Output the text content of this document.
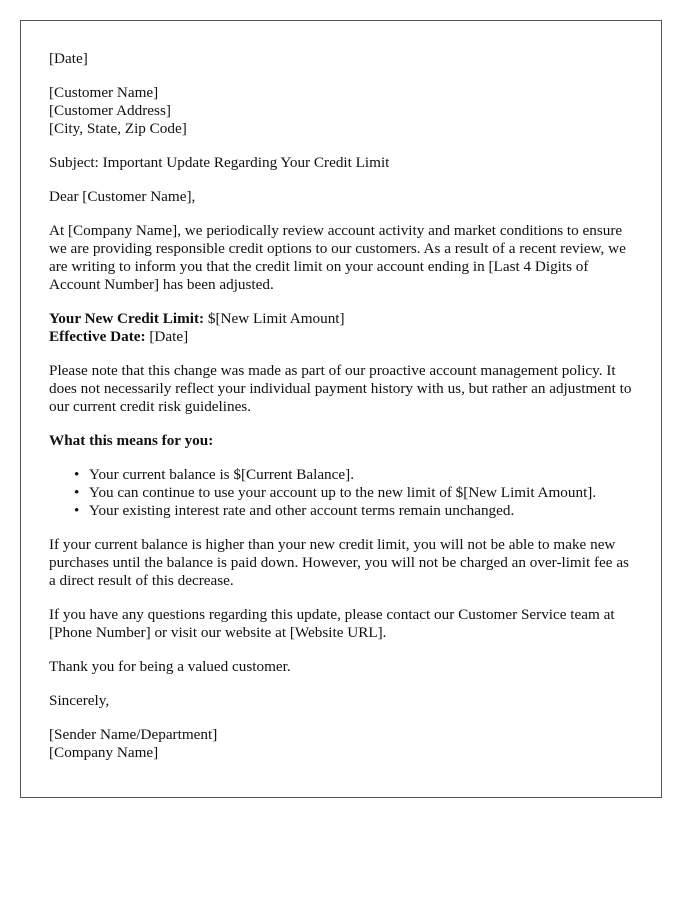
[Date]
[Customer Name]
[Customer Address]
[City, State, Zip Code]
Subject: Important Update Regarding Your Credit Limit
Dear [Customer Name],

At [Company Name], we periodically review account activity and market conditions to ensure we are providing responsible credit options to our customers. As a result of a recent review, we are writing to inform you that the credit limit on your account ending in [Last 4 Digits of Account Number] has been adjusted.

Your New Credit Limit: $[New Limit Amount]
Effective Date: [Date]

Please note that this change was made as part of our proactive account management policy. It does not necessarily reflect your individual payment history with us, but rather an adjustment to our current credit risk guidelines.

What this means for you:
• Your current balance is $[Current Balance].
• You can continue to use your account up to the new limit of $[New Limit Amount].
• Your existing interest rate and other account terms remain unchanged.

If your current balance is higher than your new credit limit, you will not be able to make new purchases until the balance is paid down. However, you will not be charged an over-limit fee as a direct result of this decrease.

If you have any questions regarding this update, please contact our Customer Service team at [Phone Number] or visit our website at [Website URL].

Thank you for being a valued customer.
Sincerely,
[Sender Name/Department]
[Company Name]
